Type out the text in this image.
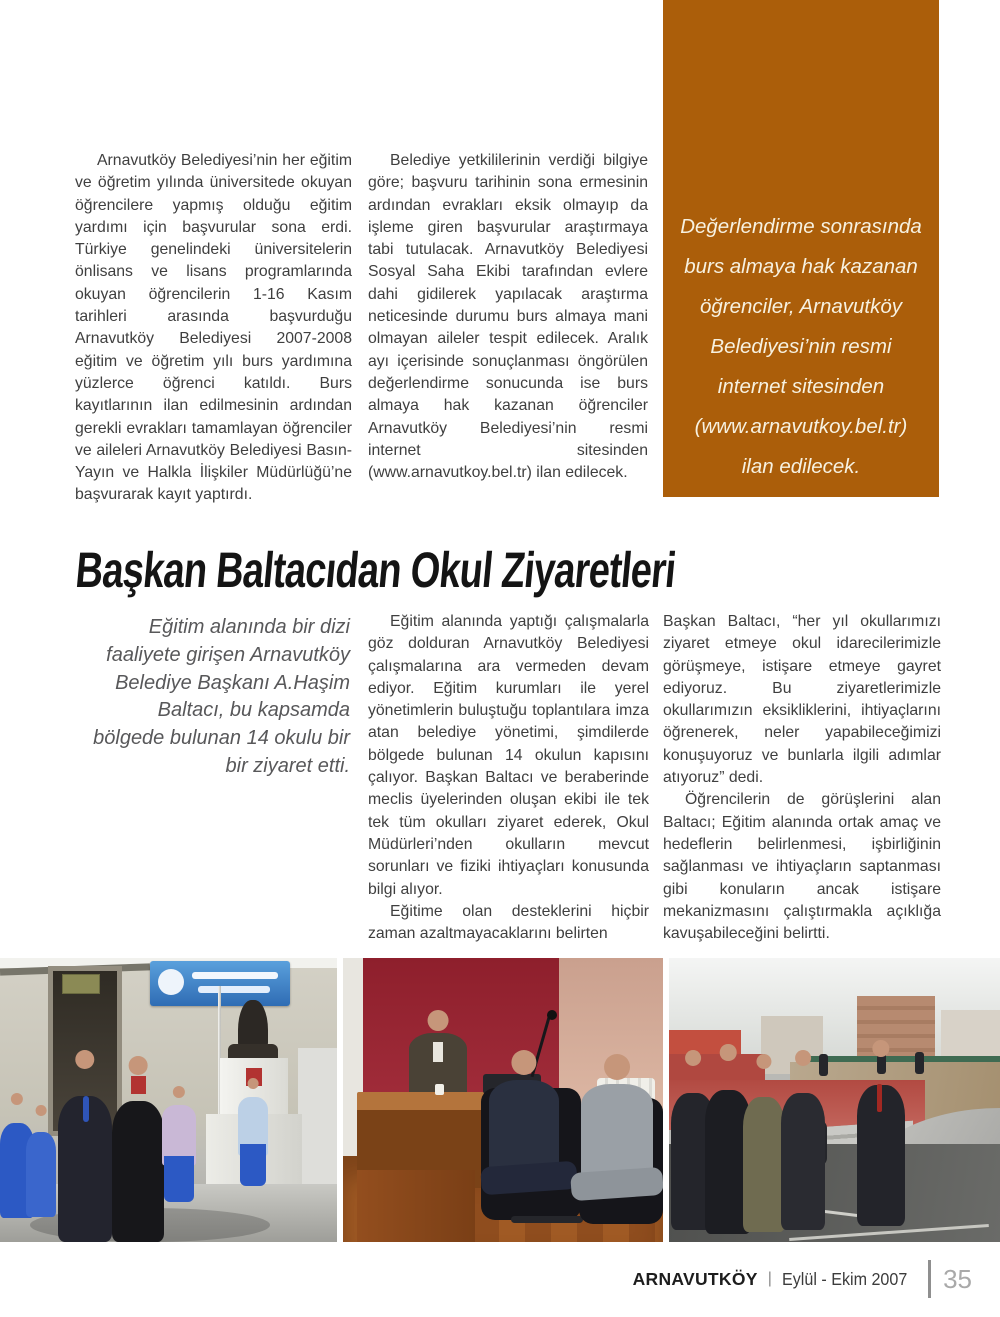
Arnavutköy Belediyesi’nin her eğitim ve öğretim yılında üniversitede okuyan öğrencilere yapmış olduğu eğitim yardımı için başvurular sona erdi. Türkiye genelindeki üniversitelerin önlisans ve lisans programlarında okuyan öğrencilerin 1-16 Kasım tarihleri arasında başvurduğu Arnavutköy Belediyesi 2007-2008 eğitim ve öğretim yılı burs yardımına yüzlerce öğrenci katıldı. Burs kayıtlarının ilan edilmesinin ardından gerekli evrakları tamamlayan öğrenciler ve aileleri Arnavutköy Belediyesi Basın-Yayın ve Halkla İlişkiler Müdürlüğü’ne başvurarak kayıt yaptırdı.

Belediye yetkililerinin verdiği bilgiye göre; başvuru tarihinin sona ermesinin ardından evrakları eksik olmayıp da işleme giren başvurular araştırmaya tabi tutulacak. Arnavutköy Belediyesi Sosyal Saha Ekibi tarafından evlere dahi gidilerek yapılacak araştırma neticesinde durumu burs almaya mani olmayan aileler tespit edilecek. Aralık ayı içerisinde sonuçlanması öngörülen değerlendirme sonucunda ise burs almaya hak kazanan öğrenciler Arnavutköy Belediyesi’nin resmi internet sitesinden (www.arnavutkoy.bel.tr) ilan edilecek.

Değerlendirme sonrasında burs almaya hak kazanan öğrenciler, Arnavutköy Belediyesi’nin resmi internet sitesinden (www.arnavutkoy.bel.tr) ilan edilecek.

Başkan Baltacıdan Okul Ziyaretleri
Eğitim alanında bir dizi faaliyete girişen Arnavutköy Belediye Başkanı A.Haşim Baltacı, bu kapsamda bölgede bulunan 14 okulu bir bir ziyaret etti.

Eğitim alanında yaptığı çalışmalarla göz dolduran Arnavutköy Belediyesi çalışmalarına ara vermeden devam ediyor. Eğitim kurumları ile yerel yönetimlerin buluştuğu toplantılara imza atan belediye yönetimi, şimdilerde bölgede bulunan 14 okulun kapısını çalıyor. Başkan Baltacı ve beraberinde meclis üyelerinden oluşan ekibi ile tek tek tüm okulları ziyaret ederek, Okul Müdürleri’nden okulların mevcut sorunları ve fiziki ihtiyaçları konusunda bilgi alıyor.

Eğitime olan desteklerini hiçbir zaman azaltmayacaklarını belirten

Başkan Baltacı, “her yıl okullarımızı ziyaret etmeye okul idarecilerimizle görüşmeye, istişare etmeye gayret ediyoruz. Bu ziyaretlerimizle okullarımızın eksikliklerini, ihtiyaçlarını öğrenerek, neler yapabileceğimizi konuşuyoruz ve bunlarla ilgili adımlar atıyoruz” dedi.

Öğrencilerin de görüşlerini alan Baltacı; Eğitim alanında ortak amaç ve hedeflerin belirlenmesi, işbirliğinin sağlanması ve ihtiyaçların saptanması gibi konuların ancak istişare mekanizmasını çalıştırmakla açıklığa kavuşabileceğini belirtti.

ARNAVUTKÖY | Eylül - Ekim 2007 35
